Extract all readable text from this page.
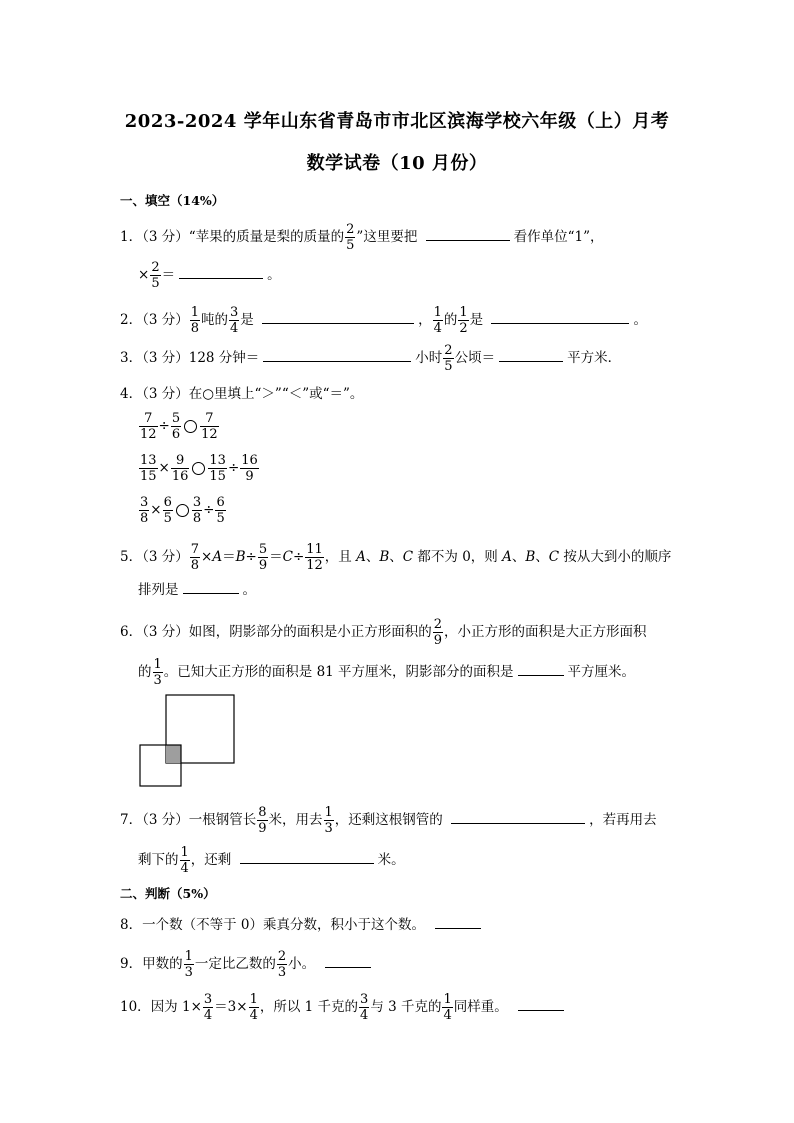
2023-2024 学年山东省青岛市市北区滨海学校六年级（上）月考
数学试卷（10 月份）
一、填空（14%）
1．（3 分）“苹果的质量是梨的质量的 $\frac{2}{5}$ ”这里要把	看作单位“1”，
× $\frac{2}{5}$ ＝	。
2．（3 分） $\frac{1}{8}$ 吨的 $\frac{3}{4}$ 是	， $\frac{1}{4}$ 的 $\frac{1}{2}$ 是	。
3．（3 分）128 分钟＝	小时 $\frac{2}{5}$ 公顷＝	平方米．
4．（3 分）在○里填上“＞”“＜”或“＝”。
$\frac{7}{12} \div \frac{5}{6} \frac{7}{12}$
$\frac{13}{15} \times \frac{9}{16} \frac{13}{15} \div \frac{16}{9}$
$\frac{3}{8} \times \frac{6}{5} \frac{3}{8} \div \frac{6}{5}$
5．（3 分） $\frac{7}{8} \times A=B\div \frac{5}{9} =C\div \frac{11}{12}$ ，且 A、B、C 都不为 0，则 A、B、C 按从大到小的顺序
排列是	。
6．（3 分）如图，阴影部分的面积是小正方形面积的 $\frac{2}{9}$ ，小正方形的面积是大正方形面积
的 $\frac{1}{3}$ 。已知大正方形的面积是 81 平方厘米，阴影部分的面积是	平方厘米。
7．（3 分）一根钢管长 $\frac{8}{9}$ 米，用去 $\frac{1}{3}$ ，还剩这根钢管的	，若再用去
剩下的 $\frac{1}{4}$ ，还剩	米。
二、判断（5%）
8．一个数（不等于 0）乘真分数，积小于这个数。
9．甲数的 $\frac{1}{3}$ 一定比乙数的 $\frac{2}{3}$ 小。
10．因为 $1\times \frac{3}{4} =3\times \frac{1}{4}$ ，所以 1 千克的 $\frac{3}{4}$ 与 3 千克的 $\frac{1}{4}$ 同样重。
